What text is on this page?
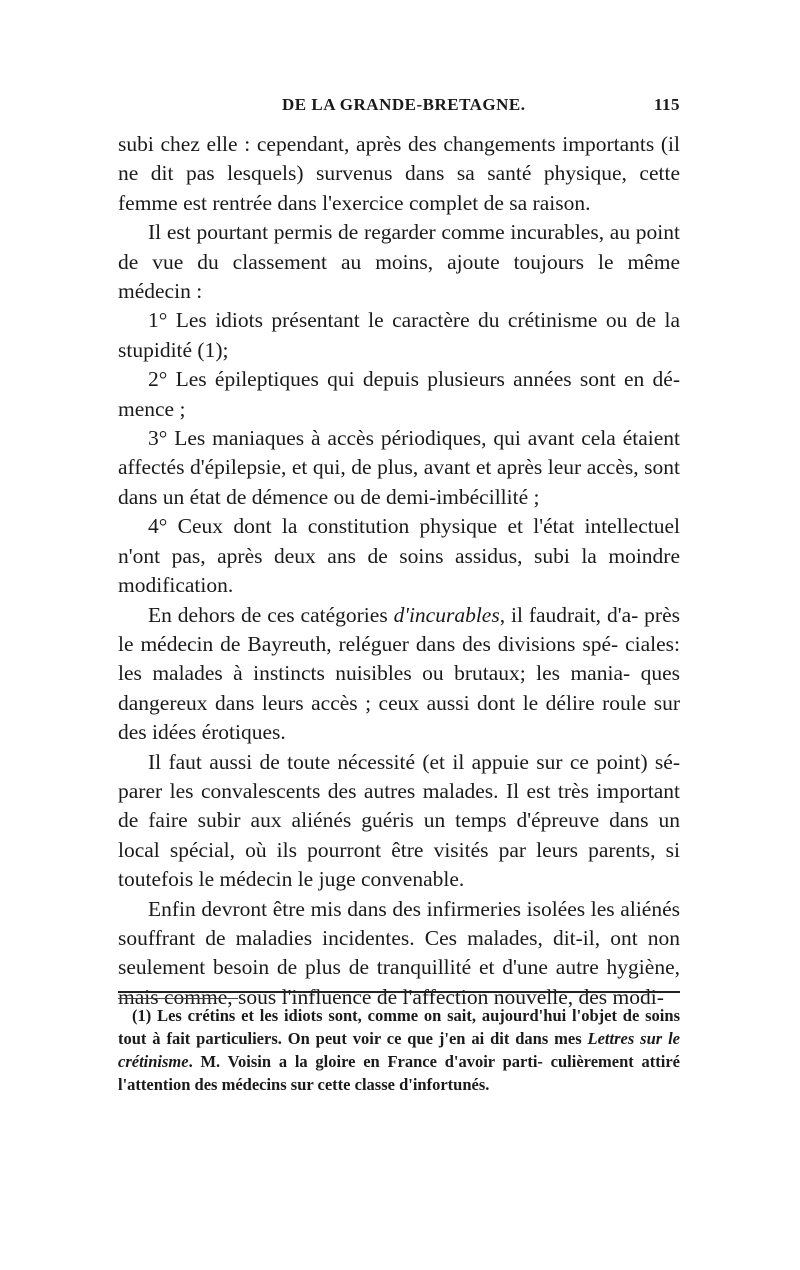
DE LA GRANDE-BRETAGNE.	115

subi chez elle : cependant, après des changements importants (il ne dit pas lesquels) survenus dans sa santé physique, cette femme est rentrée dans l'exercice complet de sa raison.

Il est pourtant permis de regarder comme incurables, au point de vue du classement au moins, ajoute toujours le même médecin :

1° Les idiots présentant le caractère du crétinisme ou de la stupidité (1);

2° Les épileptiques qui depuis plusieurs années sont en dé- mence ;

3° Les maniaques à accès périodiques, qui avant cela étaient affectés d'épilepsie, et qui, de plus, avant et après leur accès, sont dans un état de démence ou de demi-imbécillité ;

4° Ceux dont la constitution physique et l'état intellectuel n'ont pas, après deux ans de soins assidus, subi la moindre modification.

En dehors de ces catégories d'incurables, il faudrait, d'a- près le médecin de Bayreuth, reléguer dans des divisions spé- ciales: les malades à instincts nuisibles ou brutaux; les mania- ques dangereux dans leurs accès ; ceux aussi dont le délire roule sur des idées érotiques.

Il faut aussi de toute nécessité (et il appuie sur ce point) sé- parer les convalescents des autres malades. Il est très important de faire subir aux aliénés guéris un temps d'épreuve dans un local spécial, où ils pourront être visités par leurs parents, si toutefois le médecin le juge convenable.

Enfin devront être mis dans des infirmeries isolées les aliénés souffrant de maladies incidentes. Ces malades, dit-il, ont non seulement besoin de plus de tranquillité et d'une autre hygiène, mais comme, sous l'influence de l'affection nouvelle, des modi-

(1) Les crétins et les idiots sont, comme on sait, aujourd'hui l'objet de soins tout à fait particuliers. On peut voir ce que j'en ai dit dans mes Lettres sur le crétinisme. M. Voisin a la gloire en France d'avoir parti- culièrement attiré l'attention des médecins sur cette classe d'infortunés.
